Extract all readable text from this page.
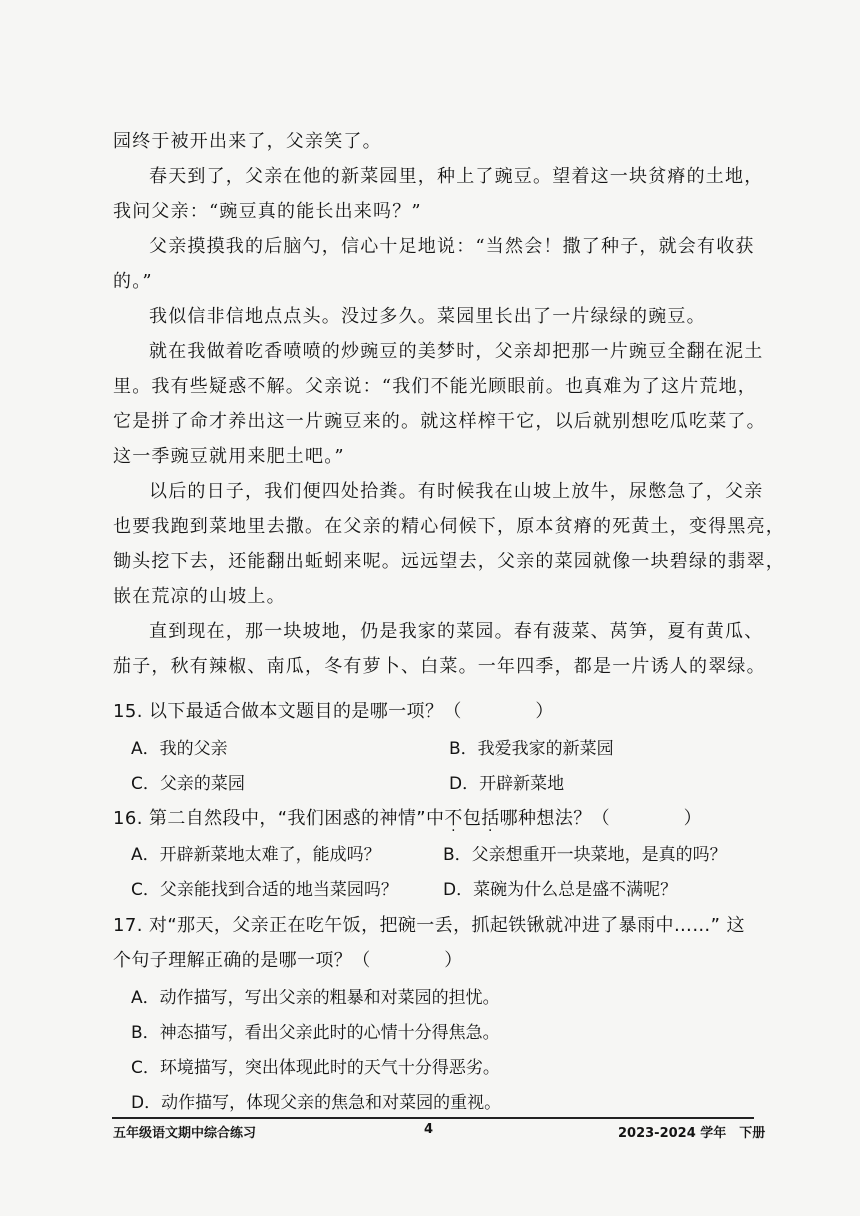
园终于被开出来了，父亲笑了。
春天到了，父亲在他的新菜园里，种上了豌豆。望着这一块贫瘠的土地，
我问父亲：“豌豆真的能长出来吗？”
父亲摸摸我的后脑勺，信心十足地说：“当然会！撒了种子，就会有收获
的。”
我似信非信地点点头。没过多久。菜园里长出了一片绿绿的豌豆。
就在我做着吃香喷喷的炒豌豆的美梦时，父亲却把那一片豌豆全翻在泥土
里。我有些疑惑不解。父亲说：“我们不能光顾眼前。也真难为了这片荒地，
它是拼了命才养出这一片豌豆来的。就这样榨干它，以后就别想吃瓜吃菜了。
这一季豌豆就用来肥土吧。”
以后的日子，我们便四处拾粪。有时候我在山坡上放牛，尿憋急了，父亲
也要我跑到菜地里去撒。在父亲的精心伺候下，原本贫瘠的死黄土，变得黑亮，
锄头挖下去，还能翻出蚯蚓来呢。远远望去，父亲的菜园就像一块碧绿的翡翠，
嵌在荒凉的山坡上。
直到现在，那一块坡地，仍是我家的菜园。春有菠菜、莴笋，夏有黄瓜、
茄子，秋有辣椒、南瓜，冬有萝卜、白菜。一年四季，都是一片诱人的翠绿。
15. 以下最适合做本文题目的是哪一项？（　　　　）
A．我的父亲	B．我爱我家的新菜园
C．父亲的菜园	D．开辟新菜地
16. 第二自然段中，“我们困惑的神情”中不包括哪种想法？（　　　　）
A．开辟新菜地太难了，能成吗？	B．父亲想重开一块菜地，是真的吗？
C．父亲能找到合适的地当菜园吗？	D．菜碗为什么总是盛不满呢？
17. 对“那天，父亲正在吃午饭，把碗一丢，抓起铁锹就冲进了暴雨中……” 这
个句子理解正确的是哪一项？（　　　　）
A．动作描写，写出父亲的粗暴和对菜园的担忧。
B．神态描写，看出父亲此时的心情十分得焦急。
C．环境描写，突出体现此时的天气十分得恶劣。
D．动作描写，体现父亲的焦急和对菜园的重视。
五年级语文期中综合练习	4	2023-2024 学年　下册
